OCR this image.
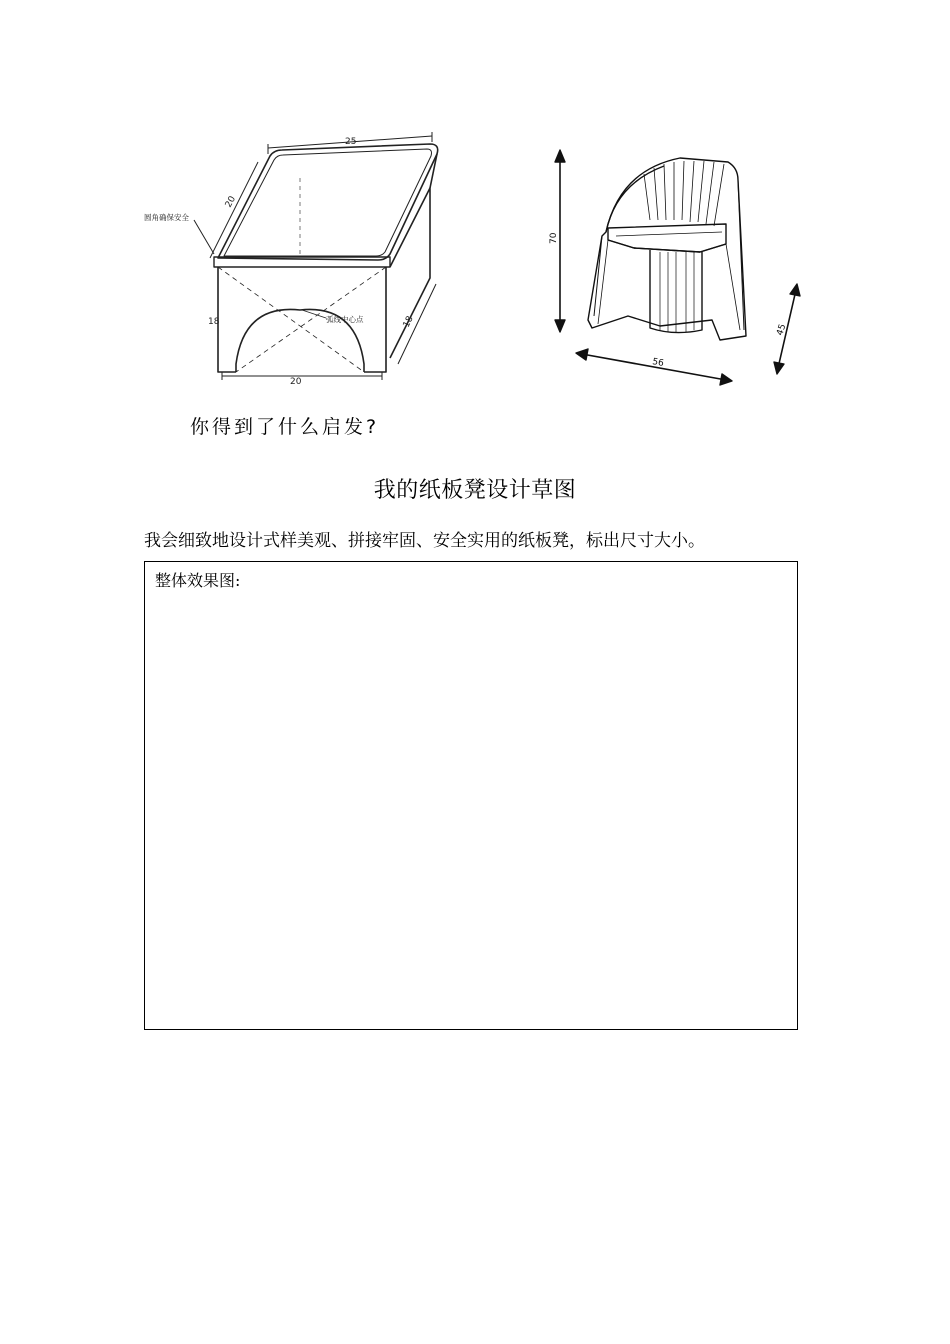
25
20
18
20
18
圆角确保安全
弧线中心点
70
56
45
你得到了什么启发?
我的纸板凳设计草图
我会细致地设计式样美观、拼接牢固、安全实用的纸板凳，标出尺寸大小。
整体效果图:
